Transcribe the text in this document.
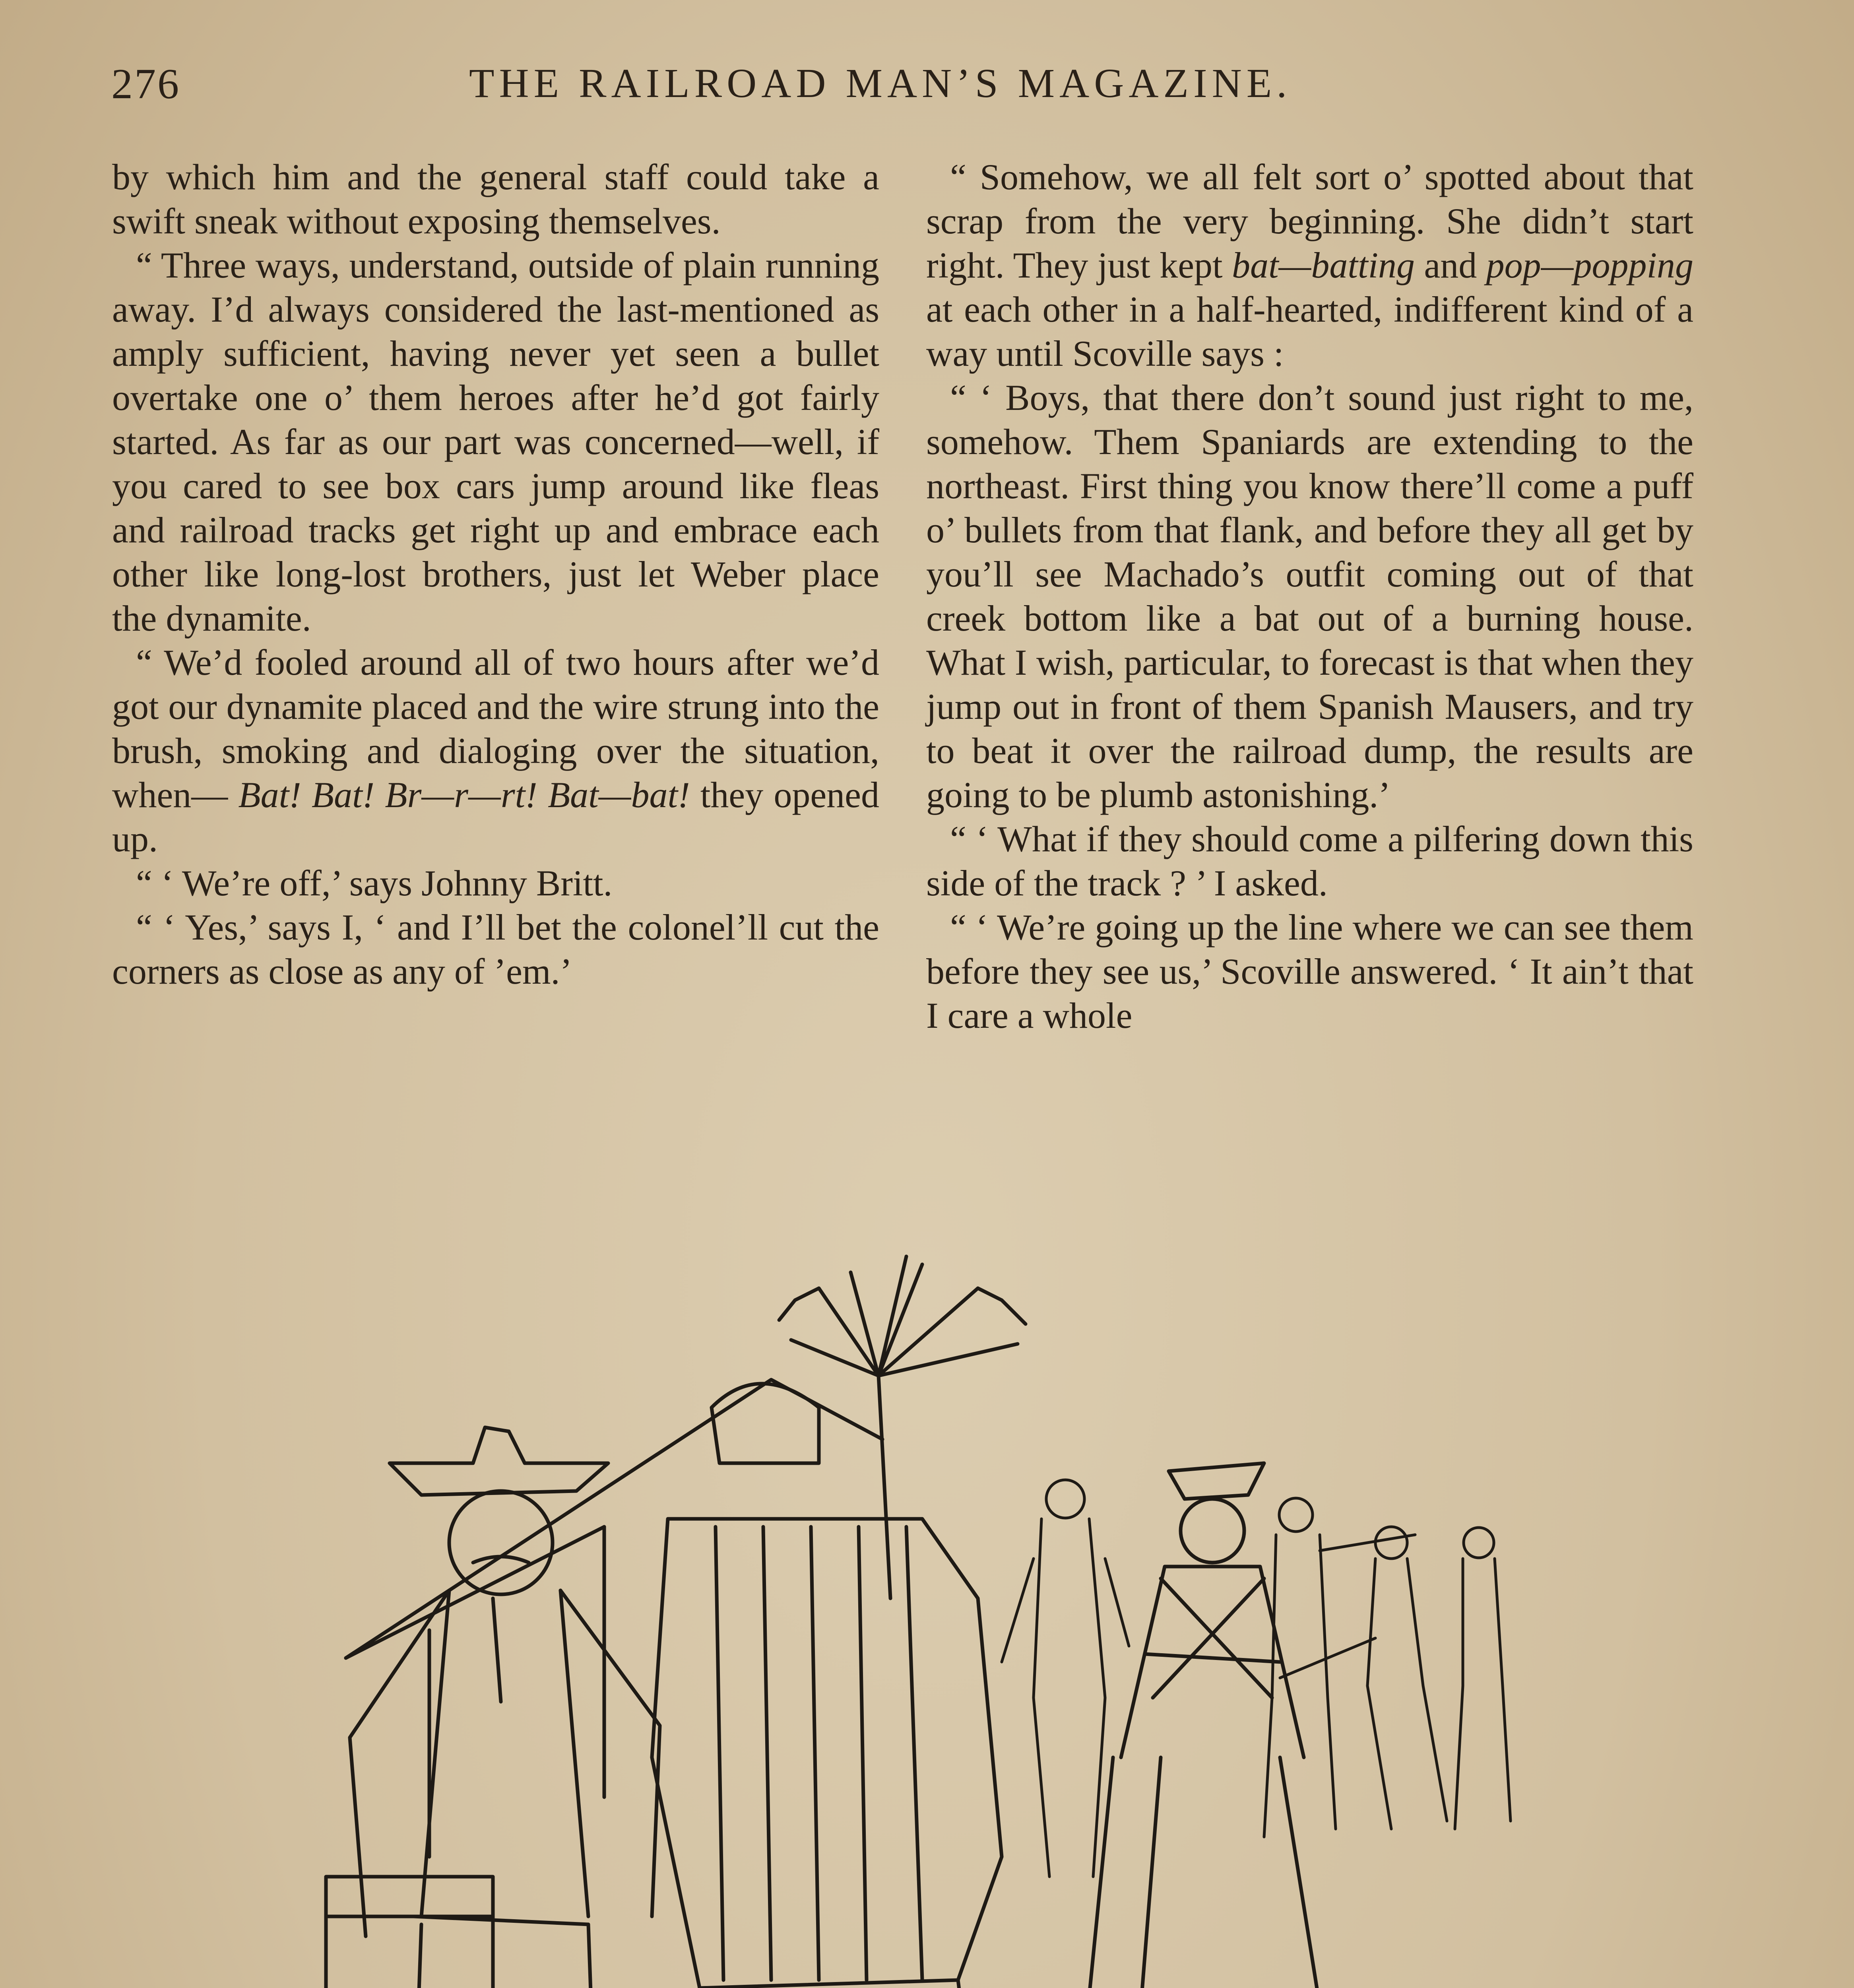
276	THE RAILROAD MAN’S MAGAZINE.

by which him and the general staff could take a swift sneak without exposing themselves.

“ Three ways, understand, outside of plain running away. I’d always considered the last-mentioned as amply sufficient, having never yet seen a bullet overtake one o’ them heroes after he’d got fairly started. As far as our part was concerned—well, if you cared to see box cars jump around like fleas and railroad tracks get right up and embrace each other like long-lost brothers, just let Weber place the dynamite.

“ We’d fooled around all of two hours after we’d got our dynamite placed and the wire strung into the brush, smoking and dialoging over the situation, when— Bat! Bat! Br—r—rt! Bat—bat! they opened up.

“ ‘ We’re off,’ says Johnny Britt.

“ ‘ Yes,’ says I, ‘ and I’ll bet the colonel’ll cut the corners as close as any of ’em.’

“ Somehow, we all felt sort o’ spotted about that scrap from the very beginning. She didn’t start right. They just kept bat—batting and pop—popping at each other in a half-hearted, indifferent kind of a way until Scoville says :

“ ‘ Boys, that there don’t sound just right to me, somehow. Them Spaniards are extending to the northeast. First thing you know there’ll come a puff o’ bullets from that flank, and before they all get by you’ll see Machado’s outfit coming out of that creek bottom like a bat out of a burning house. What I wish, particular, to forecast is that when they jump out in front of them Spanish Mausers, and try to beat it over the railroad dump, the results are going to be plumb astonishing.’

“ ‘ What if they should come a pilfering down this side of the track ? ’ I asked.

“ ‘ We’re going up the line where we can see them before they see us,’ Scoville answered. ‘ It ain’t that I care a whole
